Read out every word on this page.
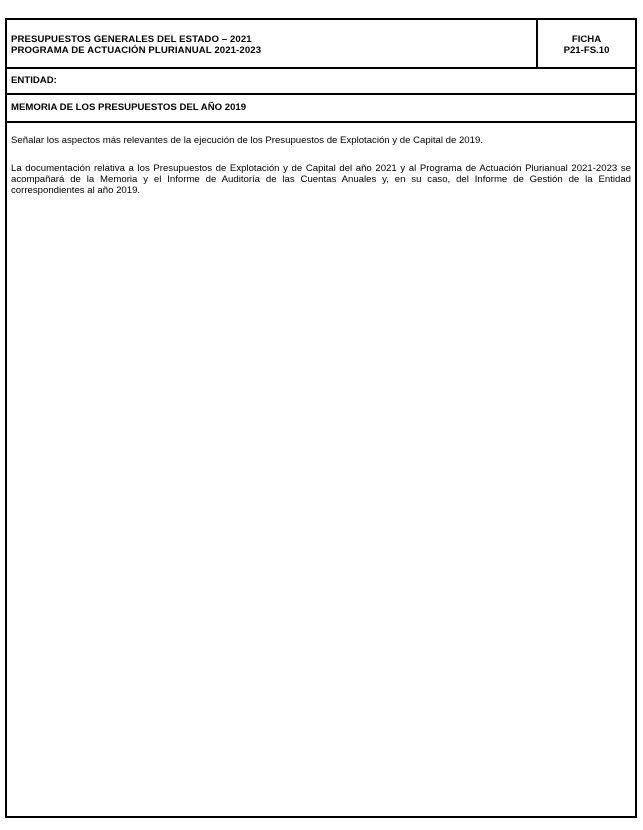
PRESUPUESTOS GENERALES DEL ESTADO – 2021
PROGRAMA DE ACTUACIÓN PLURIANUAL 2021-2023
FICHA
P21-FS.10
ENTIDAD:
MEMORIA DE LOS PRESUPUESTOS DEL AÑO 2019

Señalar los aspectos más relevantes de la ejecución de los Presupuestos de Explotación y de Capital de 2019.

La documentación relativa a los Presupuestos de Explotación y de Capital del año 2021 y al Programa de Actuación Plurianual 2021-2023 se acompañará de la Memoria y el Informe de Auditoría de las Cuentas Anuales y, en su caso, del Informe de Gestión de la Entidad correspondientes al año 2019.
